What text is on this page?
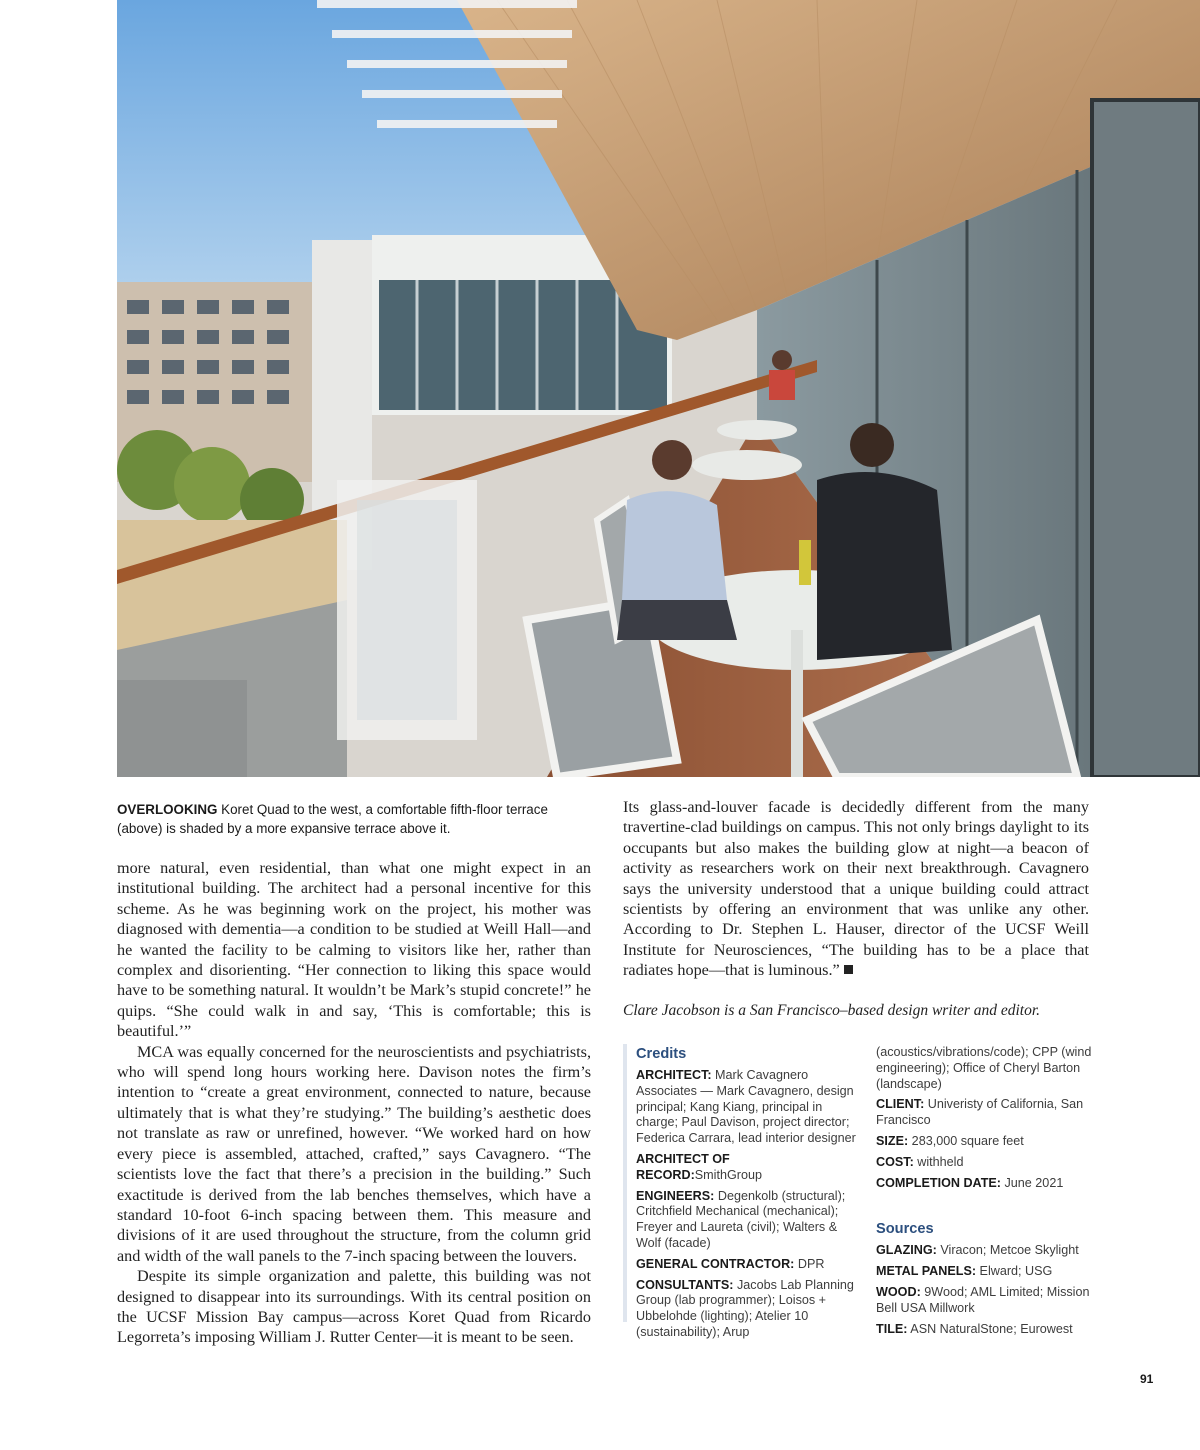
OVERLOOKING Koret Quad to the west, a comfortable fifth-floor terrace (above) is shaded by a more expansive terrace above it.

more natural, even residential, than what one might expect in an institutional building. The architect had a personal incentive for this scheme. As he was beginning work on the project, his mother was diagnosed with dementia—a condition to be studied at Weill Hall—and he wanted the facility to be calming to visitors like her, rather than complex and disorienting. “Her connection to liking this space would have to be something natural. It wouldn’t be Mark’s stupid concrete!” he quips. “She could walk in and say, ‘This is comfortable; this is beautiful.’”

MCA was equally concerned for the neuroscientists and psychiatrists, who will spend long hours working here. Davison notes the firm’s intention to “create a great environment, connected to nature, because ultimately that is what they’re studying.” The building’s aesthetic does not translate as raw or unrefined, however. “We worked hard on how every piece is assembled, attached, crafted,” says Cavagnero. “The scientists love the fact that there’s a precision in the building.” Such exactitude is derived from the lab benches themselves, which have a standard 10-foot 6-inch spacing between them. This measure and divisions of it are used throughout the structure, from the column grid and width of the wall panels to the 7-inch spacing between the louvers.

Despite its simple organization and palette, this building was not designed to disappear into its surroundings. With its central position on the UCSF Mission Bay campus—across Koret Quad from Ricardo Legorreta’s imposing William J. Rutter Center—it is meant to be seen.

Its glass-and-louver facade is decidedly different from the many travertine-clad buildings on campus. This not only brings daylight to its occupants but also makes the building glow at night—a beacon of activity as researchers work on their next breakthrough. Cavagnero says the university understood that a unique building could attract scientists by offering an environment that was unlike any other. According to Dr. Stephen L. Hauser, director of the UCSF Weill Institute for Neurosciences, “The building has to be a place that radiates hope—that is luminous.”

Clare Jacobson is a San Francisco–based design writer and editor.
Credits
ARCHITECT: Mark Cavagnero Associates — Mark Cavagnero, design principal; Kang Kiang, principal in charge; Paul Davison, project director; Federica Carrara, lead interior designer
ARCHITECT OF RECORD:SmithGroup
ENGINEERS: Degenkolb (structural); Critchfield Mechanical (mechanical); Freyer and Laureta (civil); Walters & Wolf (facade)
GENERAL CONTRACTOR: DPR
CONSULTANTS: Jacobs Lab Planning Group (lab programmer); Loisos + Ubbelohde (lighting); Atelier 10 (sustainability); Arup
(acoustics/vibrations/code); CPP (wind engineering); Office of Cheryl Barton (landscape)
CLIENT: Univeristy of California, San Francisco
SIZE: 283,000 square feet
COST: withheld
COMPLETION DATE: June 2021
Sources
GLAZING: Viracon; Metcoe Skylight
METAL PANELS: Elward; USG
WOOD: 9Wood; AML Limited; Mission Bell USA Millwork
TILE: ASN NaturalStone; Eurowest
91
